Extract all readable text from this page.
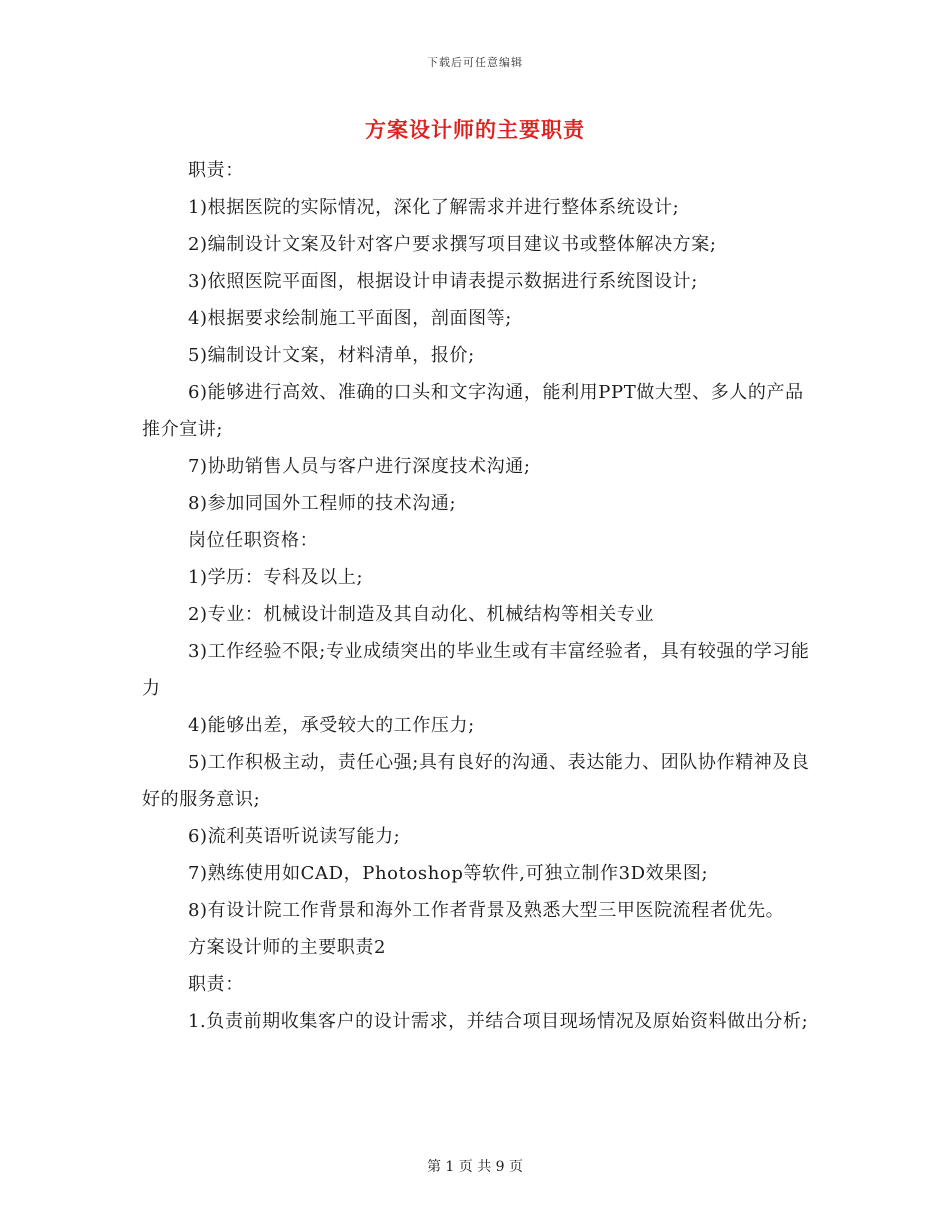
下载后可任意编辑
方案设计师的主要职责

职责：

1)根据医院的实际情况，深化了解需求并进行整体系统设计;

2)编制设计文案及针对客户要求撰写项目建议书或整体解决方案;

3)依照医院平面图，根据设计申请表提示数据进行系统图设计;

4)根据要求绘制施工平面图，剖面图等;

5)编制设计文案，材料清单，报价;

6)能够进行高效、准确的口头和文字沟通，能利用PPT做大型、多人的产品推介宣讲;

7)协助销售人员与客户进行深度技术沟通;

8)参加同国外工程师的技术沟通;

岗位任职资格：

1)学历：专科及以上;

2)专业：机械设计制造及其自动化、机械结构等相关专业

3)工作经验不限;专业成绩突出的毕业生或有丰富经验者，具有较强的学习能力

4)能够出差，承受较大的工作压力;

5)工作积极主动，责任心强;具有良好的沟通、表达能力、团队协作精神及良好的服务意识;

6)流利英语听说读写能力;

7)熟练使用如CAD，Photoshop等软件,可独立制作3D效果图;

8)有设计院工作背景和海外工作者背景及熟悉大型三甲医院流程者优先。

方案设计师的主要职责2

职责：

1.负责前期收集客户的设计需求，并结合项目现场情况及原始资料做出分析;

第 1 页 共 9 页
